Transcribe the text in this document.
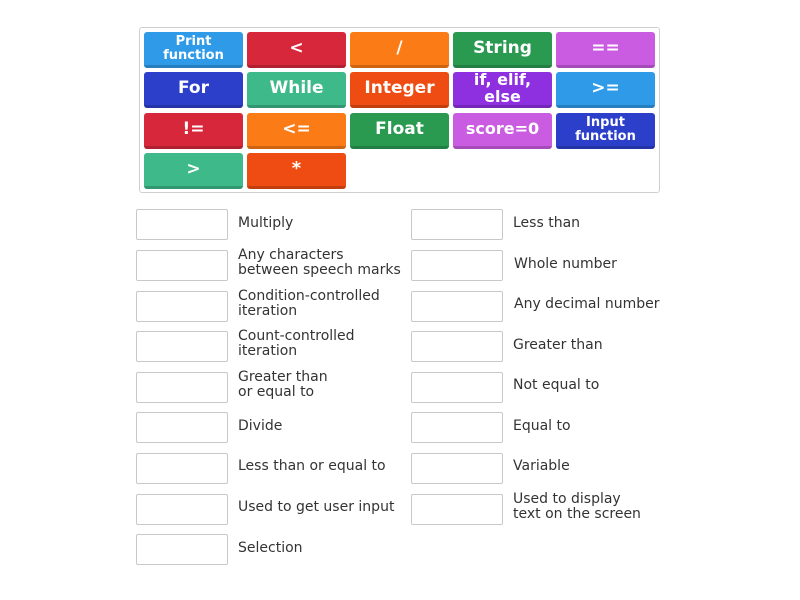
Print function	<	/	String	==
For	While Integer	if, elif, else	>=
!=	<=	Float	score=0	Input
function
>	*
Multiply
Any characters
between speech marks
Condition-controlled
iteration
Count-controlled
iteration
Greater than
or equal to
Divide
Less than or equal to
Used to get user input
Selection
Less than
Whole number
Any decimal number
Greater than
Not equal to
Equal to
Variable
Used to display
text on the screen
